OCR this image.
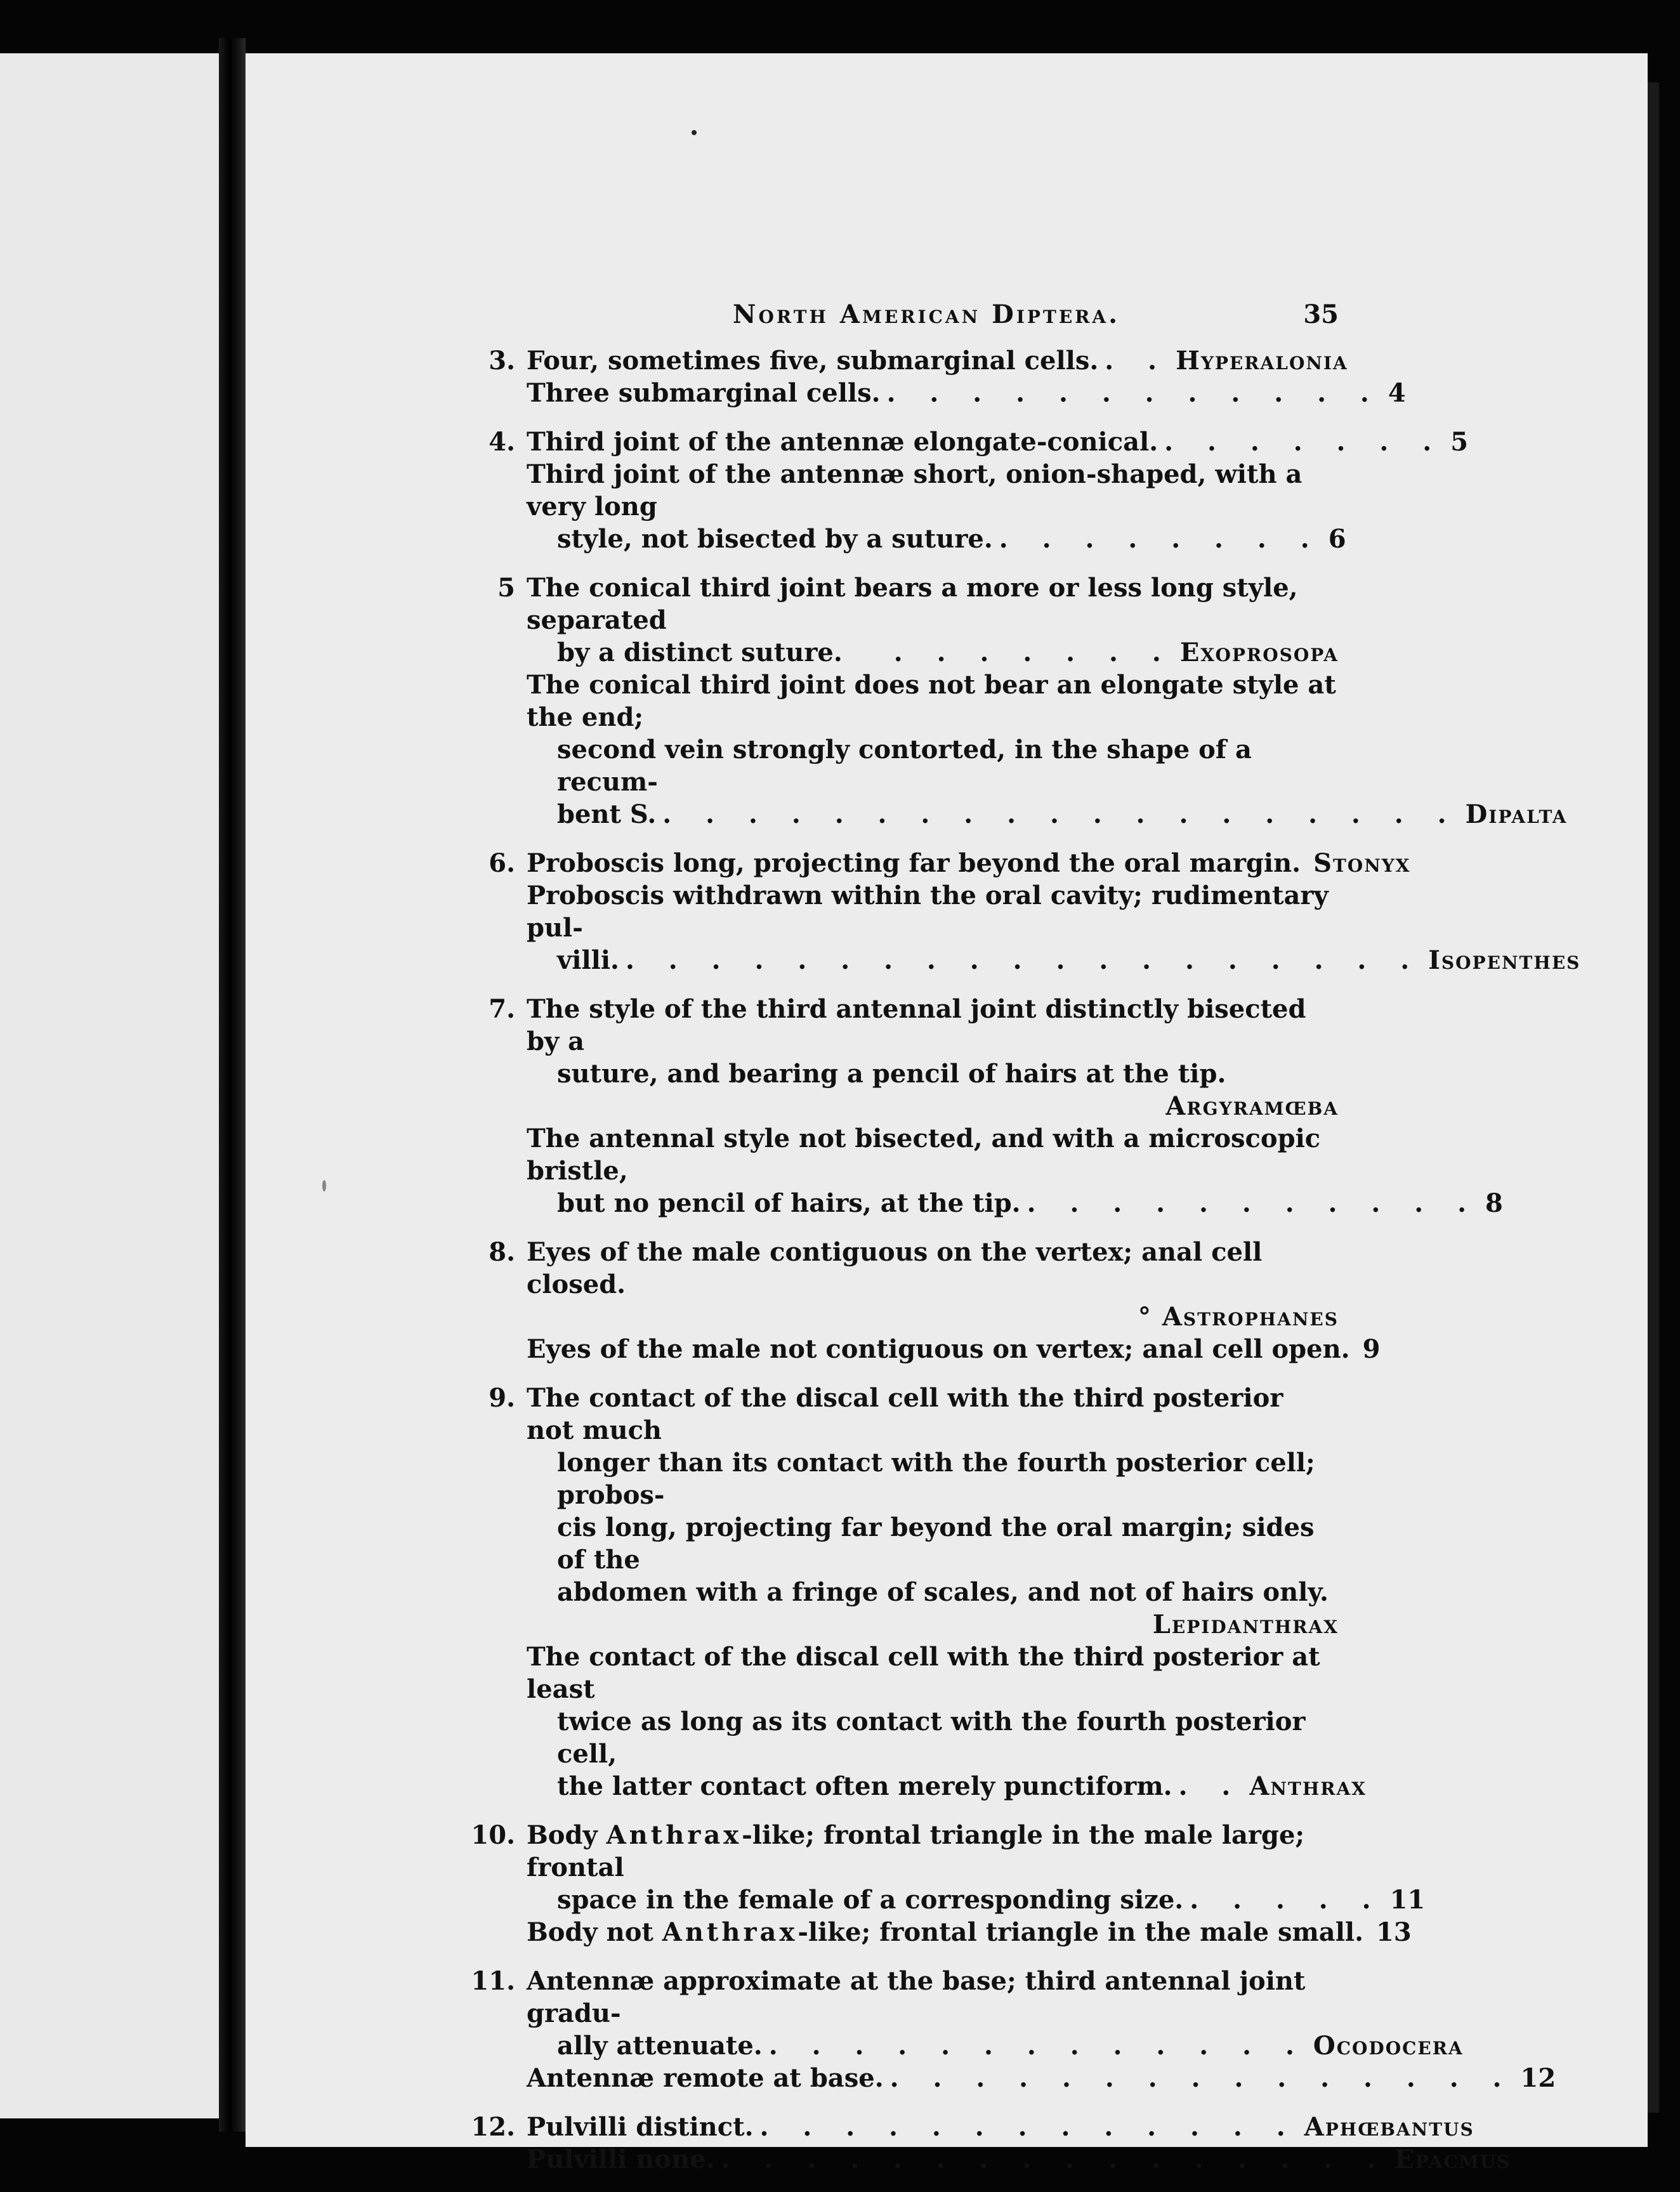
North American Diptera.	35
3. Four, sometimes five, submarginal cells. . . Hyperalonia
Three submarginal cells. . . . . . . . . . . . . 4
4. Third joint of the antennæ elongate-conical. . . . . . . . 5
Third joint of the antennæ short, onion-shaped, with a very long
style, not bisected by a suture. . . . . . . . . 6
5 The conical third joint bears a more or less long style, separated
by a distinct suture.	. . . . . . . Exoprosopa
The conical third joint does not bear an elongate style at the end;
second vein strongly contorted, in the shape of a recum-
bent S. . . . . . . . . . . . . . . . . . . . Dipalta
6. Proboscis long, projecting far beyond the oral margin. Stonyx
Proboscis withdrawn within the oral cavity; rudimentary pul-
villi. . . . . . . . . . . . . . . . . . . . Isopenthes
7. The style of the third antennal joint distinctly bisected by a
suture, and bearing a pencil of hairs at the tip.
Argyramœba
The antennal style not bisected, and with a microscopic bristle,
but no pencil of hairs, at the tip. . . . . . . . . . . . 8
8. Eyes of the male contiguous on the vertex; anal cell closed.
° Astrophanes
Eyes of the male not contiguous on vertex; anal cell open. 9
9. The contact of the discal cell with the third posterior not much
longer than its contact with the fourth posterior cell; probos-
cis long, projecting far beyond the oral margin; sides of the
abdomen with a fringe of scales, and not of hairs only.
Lepidanthrax
The contact of the discal cell with the third posterior at least
twice as long as its contact with the fourth posterior cell,
the latter contact often merely punctiform. . . Anthrax
10. Body Anthrax-like; frontal triangle in the male large; frontal
space in the female of a corresponding size. . . . . . 11
Body not Anthrax-like; frontal triangle in the male small. 13
11. Antennæ approximate at the base; third antennal joint gradu-
ally attenuate. . . . . . . . . . . . . . Ocodocera
Antennæ remote at base. . . . . . . . . . . . . . . . 12
12. Pulvilli distinct. . . . . . . . . . . . . . Aphœbantus
Pulvilli none. . . . . . . . . . . . . . . . . Epacmus
